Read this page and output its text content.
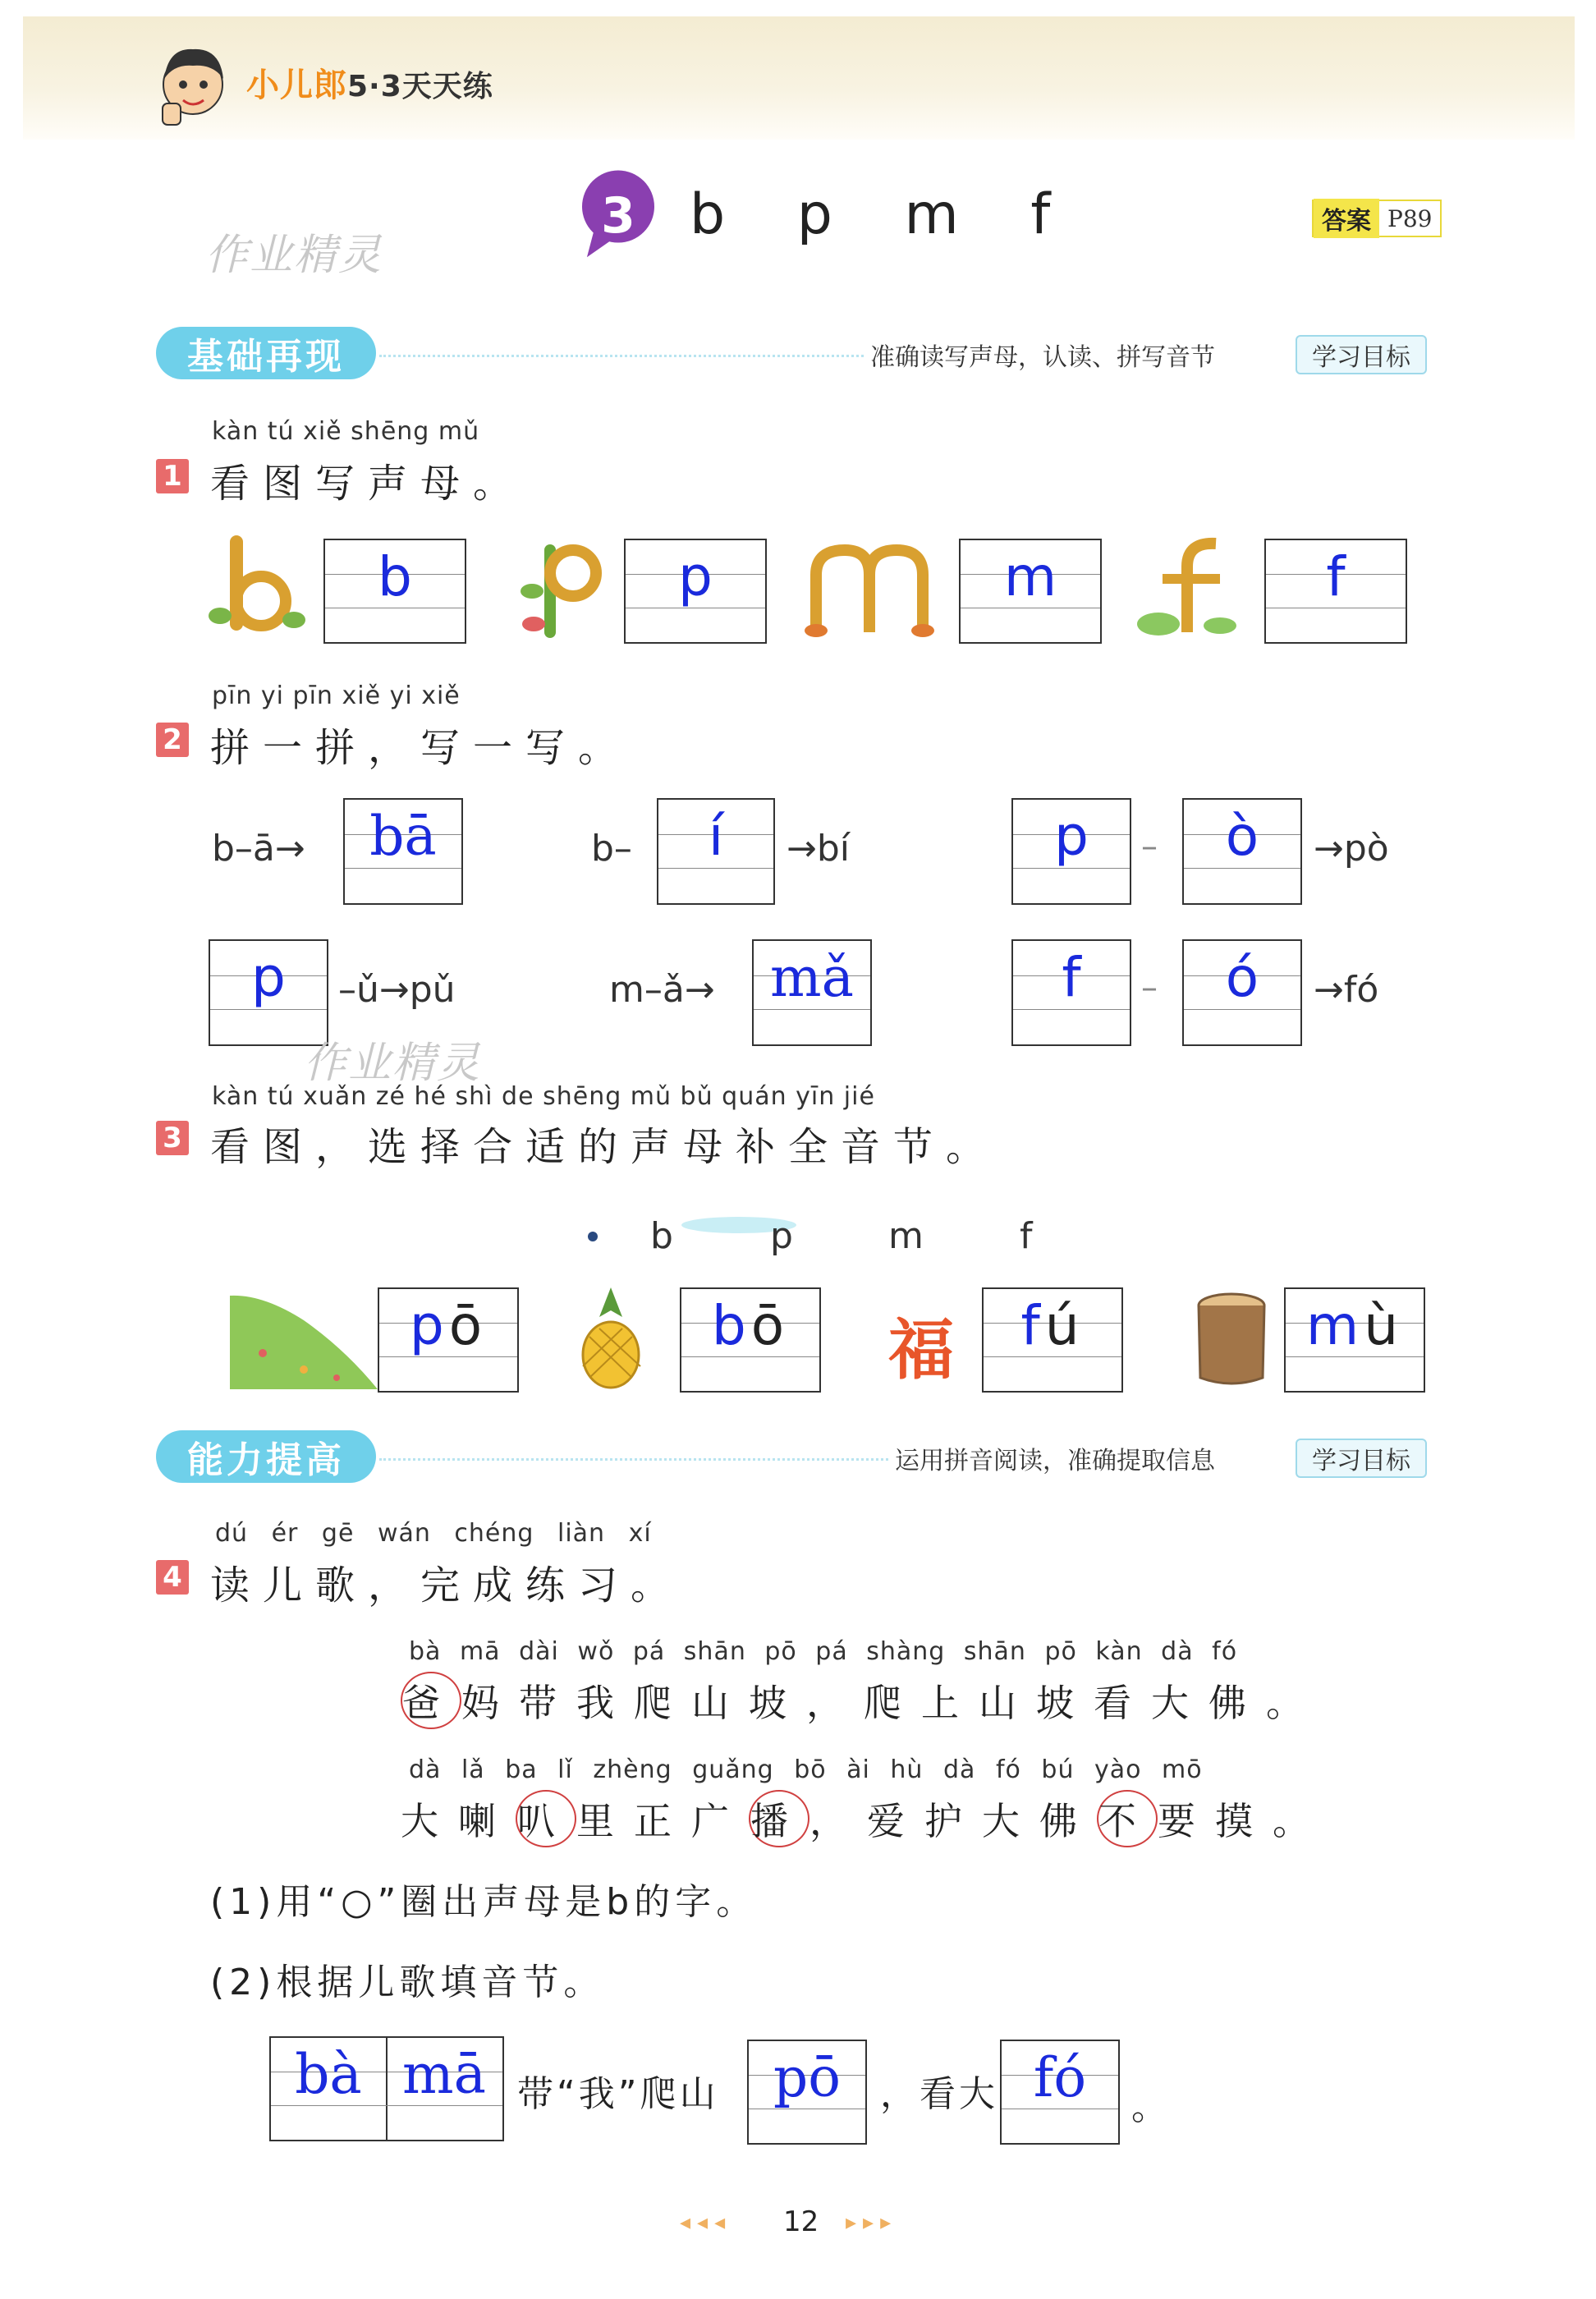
小儿郎5·3天天练
作业精灵
3 b p m f	答案 P89
基础再现	准确读写声母，认读、拼写音节	学习目标
kàn tú xiě shēng mǔ
1 看图写声母。
b	p	m	f
pīn yi pīn xiě yi xiě
2 拼一拼，写一写。
b–ā→	bā	b–	í	→bí	p	–	ò	→pò
p	–ǔ→pǔ	m–ǎ→	mǎ	f	–	ó	→fó
作业精灵
kàn tú xuǎn zé hé shì de shēng mǔ bǔ quán yīn jié
3 看图，选择合适的声母补全音节。
b	p	m	f
福
pō	bō	fú	mù
能力提高	运用拼音阅读，准确提取信息	学习目标
dú ér gē wán chéng liàn xí
4 读儿歌，完成练习。
bà mā dài wǒ pá shān pō pá shàng shān pō kàn dà fó
爸妈带我爬山坡，爬上山坡看大佛。
dà lǎ ba lǐ zhèng guǎng bō ài hù dà fó bú yào mō
大喇叭里正广播，爱护大佛不要摸。
(1)用“○”圈出声母是b的字。
(2)根据儿歌填音节。
bà mā 带“我”爬山	pō	，看大 fó	。
◂◂◂ 12 ▸▸▸
